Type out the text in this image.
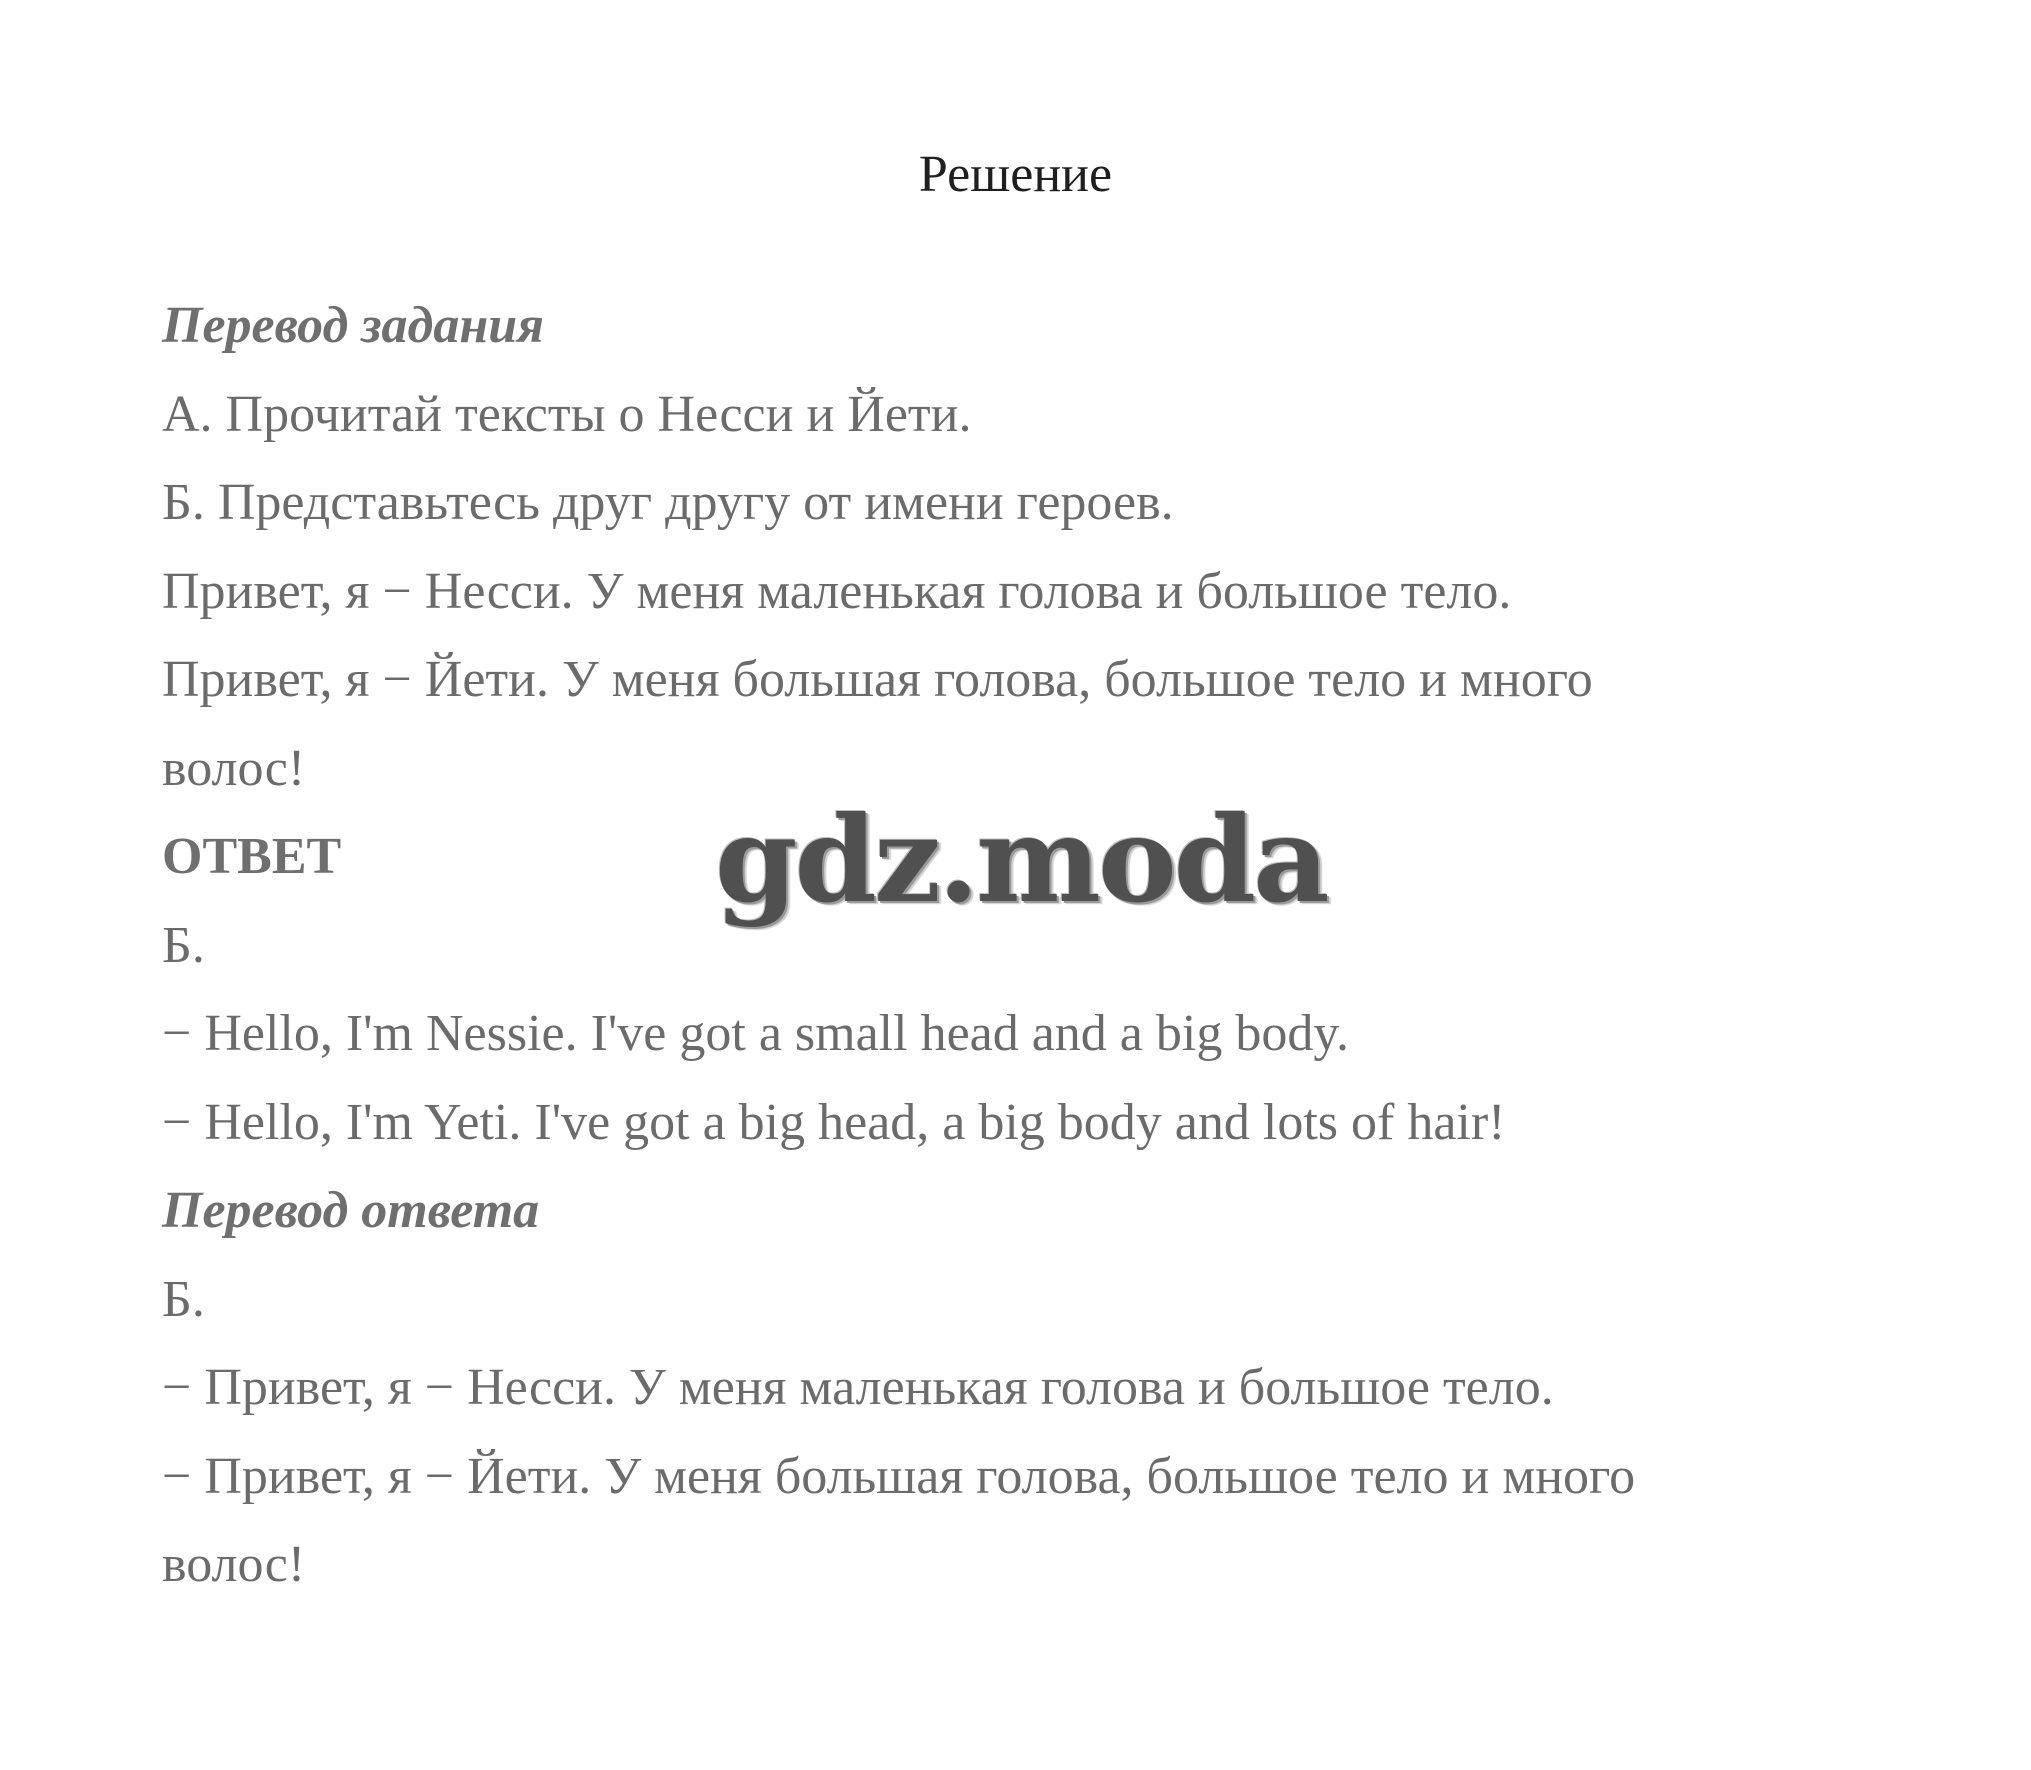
Решение

Перевод задания

А. Прочитай тексты о Несси и Йети.

Б. Представьтесь друг другу от имени героев.

Привет, я − Несси. У меня маленькая голова и большое тело.

Привет, я − Йети. У меня большая голова, большое тело и много

волос!

ОТВЕТ

Б.

− Hello, I'm Nessie. I've got a small head and a big body.

− Hello, I'm Yeti. I've got a big head, a big body and lots of hair!

Перевод ответа

Б.

− Привет, я − Несси. У меня маленькая голова и большое тело.

− Привет, я − Йети. У меня большая голова, большое тело и много

волос!

gdz.moda
